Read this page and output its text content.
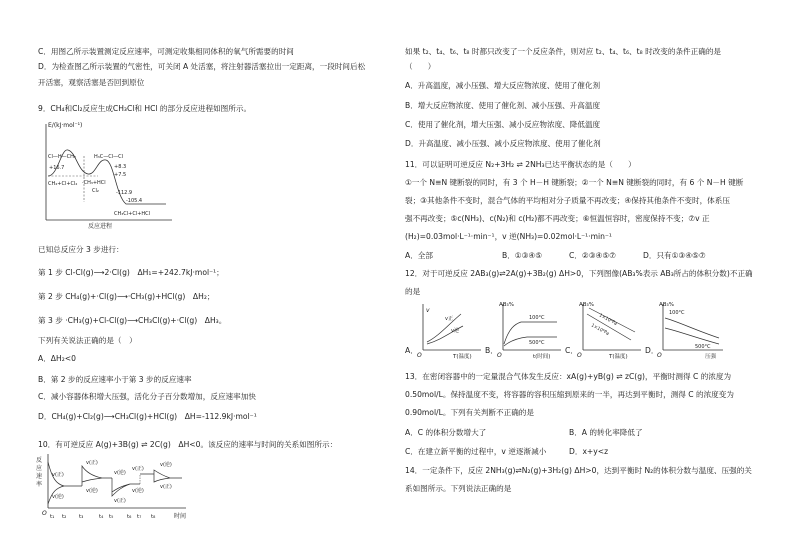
C．用图乙所示装置测定反应速率，可测定收集相同体积的氧气所需要的时间
D．为检查图乙所示装置的气密性，可关闭 A 处活塞，将注射器活塞拉出一定距离，一段时间后松
开活塞，观察活塞是否回到原位
9．CH₄和Cl₂反应生成CH₃Cl和 HCl 的部分反应进程如图所示。
E/(kJ·mol⁻¹)
反应进程
Cl—H—CH₃	H₃C—Cl—Cl
+16.7
CH₄+Cl+Cl₂
+8.3
+7.5
·CH₃+HCl
Cl₂	-112.9
-105.4
CH₃Cl+Cl+HCl
已知总反应分 3 步进行：
第 1 步 Cl-Cl(g)⟶2·Cl(g)　ΔH₁=+242.7kJ·mol⁻¹；
第 2 步 CH₄(g)+·Cl(g)⟶·CH₃(g)+HCl(g)　ΔH₂；
第 3 步 ·CH₃(g)+Cl-Cl(g)⟶CH₃Cl(g)+·Cl(g)　ΔH₃。
下列有关说法正确的是（　）
A．ΔH₂<0
B．第 2 步的反应速率小于第 3 步的反应速率
C．减小容器体积增大压强，活化分子百分数增加，反应速率加快
D．CH₄(g)+Cl₂(g)⟶CH₃Cl(g)+HCl(g)　ΔH=-112.9kJ·mol⁻¹
10．有可逆反应 A(g)+3B(g) ⇌ 2C(g)　ΔH<0。该反应的速率与时间的关系如图所示：
反
应
速
率
O	时间
t₁ t₂ t₃	t₄ t₅ t₆ t₇ t₈
v(正)
v(逆)
v(正)
v(逆)
v(逆)
v(正)
v(正)
v(逆)
v(逆)
v(正)
如果 t₂、t₄、t₆、t₈ 时都只改变了一个反应条件，则对应 t₂、t₄、t₆、t₈ 时改变的条件正确的是
（　　）
A．升高温度，减小压强、增大反应物浓度、使用了催化剂
B．增大反应物浓度、使用了催化剂、减小压强、升高温度
C．使用了催化剂，增大压强、减小反应物浓度、降低温度
D．升高温度、减小压强、减小反应物浓度、使用了催化剂
11．可以证明可逆反应 N₂+3H₂ ⇌ 2NH₃已达平衡状态的是（　　）
①一个 N≡N 键断裂的同时，有 3 个 H－H 键断裂；②一个 N≡N 键断裂的同时，有 6 个 N－H 键断
裂；③其他条件不变时，混合气体的平均相对分子质量不再改变；④保持其他条件不变时，体系压
强不再改变；⑤c(NH₃)、c(N₂)和 c(H₂)都不再改变；⑥恒温恒容时，密度保持不变；⑦v 正
(H₂)=0.03mol·L⁻¹·min⁻¹，v 逆(NH₃)=0.02mol·L⁻¹·min⁻¹
A．全部	B．①③④⑤	C．②③④⑤⑦	D．只有①③④⑤⑦
12．对于可逆反应 2AB₃(g)⇌2A(g)+3B₂(g) ΔH>0，下列图像(AB₃%表示 AB₃所占的体积分数)不正确
的是
A．
v
O	T(温度)
v正
v逆
B．
AB₃%
O	t(时间)
100°C
500°C
C．
AB₃%
O	T(温度)
1×10⁵Pa
1×10⁶Pa
D．
AB₃%
O	压强
100°C
500°C
13．在密闭容器中的一定量混合气体发生反应：xA(g)+yB(g) ⇌ zC(g)，平衡时测得 C 的浓度为
0.50mol/L。保持温度不变，将容器的容积压缩到原来的一半，再达到平衡时，测得 C 的浓度变为
0.90mol/L。下列有关判断不正确的是
A．C 的体积分数增大了	B．A 的转化率降低了
C．在建立新平衡的过程中，v 逆逐渐减小	D．x+y<z
14．一定条件下，反应 2NH₃(g)⇌N₂(g)+3H₂(g) ΔH>0，达到平衡时 N₂的体积分数与温度、压强的关
系如图所示。下列说法正确的是
